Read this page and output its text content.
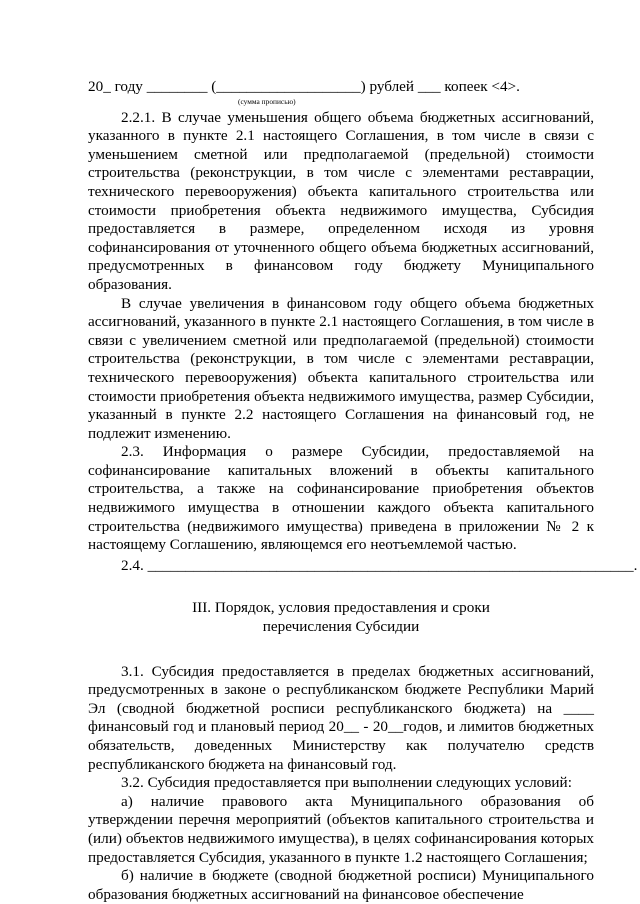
20_ году ________ (___________________) рублей ___ копеек <4>.

(сумма прописью)

2.2.1. В случае уменьшения общего объема бюджетных ассигнований, указанного в пункте 2.1 настоящего Соглашения, в том числе в связи с уменьшением сметной или предполагаемой (предельной) стоимости строительства (реконструкции, в том числе с элементами реставрации, технического перевооружения) объекта капитального строительства или стоимости приобретения объекта недвижимого имущества, Субсидия предоставляется в размере, определенном исходя из уровня софинансирования от уточненного общего объема бюджетных ассигнований, предусмотренных в финансовом году бюджету Муниципального образования.

В случае увеличения в финансовом году общего объема бюджетных ассигнований, указанного в пункте 2.1 настоящего Соглашения, в том числе в связи с увеличением сметной или предполагаемой (предельной) стоимости строительства (реконструкции, в том числе с элементами реставрации, технического перевооружения) объекта капитального строительства или стоимости приобретения объекта недвижимого имущества, размер Субсидии, указанный в пункте 2.2 настоящего Соглашения на финансовый год, не подлежит изменению.

2.3. Информация о размере Субсидии, предоставляемой на софинансирование капитальных вложений в объекты капитального строительства, а также на софинансирование приобретения объектов недвижимого имущества в отношении каждого объекта капитального строительства (недвижимого имущества) приведена в приложении № 2 к настоящему Соглашению, являющемся его неотъемлемой частью.

2.4. ________________________________________________________________.

III. Порядок, условия предоставления и сроки
перечисления Субсидии

3.1. Субсидия предоставляется в пределах бюджетных ассигнований, предусмотренных в законе о республиканском бюджете Республики Марий Эл (сводной бюджетной росписи республиканского бюджета) на ____ финансовый год и плановый период 20__ - 20__годов, и лимитов бюджетных обязательств, доведенных Министерству как получателю средств республиканского бюджета на финансовый год.

3.2. Субсидия предоставляется при выполнении следующих условий:

а) наличие правового акта Муниципального образования об утверждении перечня мероприятий (объектов капитального строительства и (или) объектов недвижимого имущества), в целях софинансирования которых предоставляется Субсидия, указанного в пункте 1.2 настоящего Соглашения;

б) наличие в бюджете (сводной бюджетной росписи) Муниципального образования бюджетных ассигнований на финансовое обеспечение
